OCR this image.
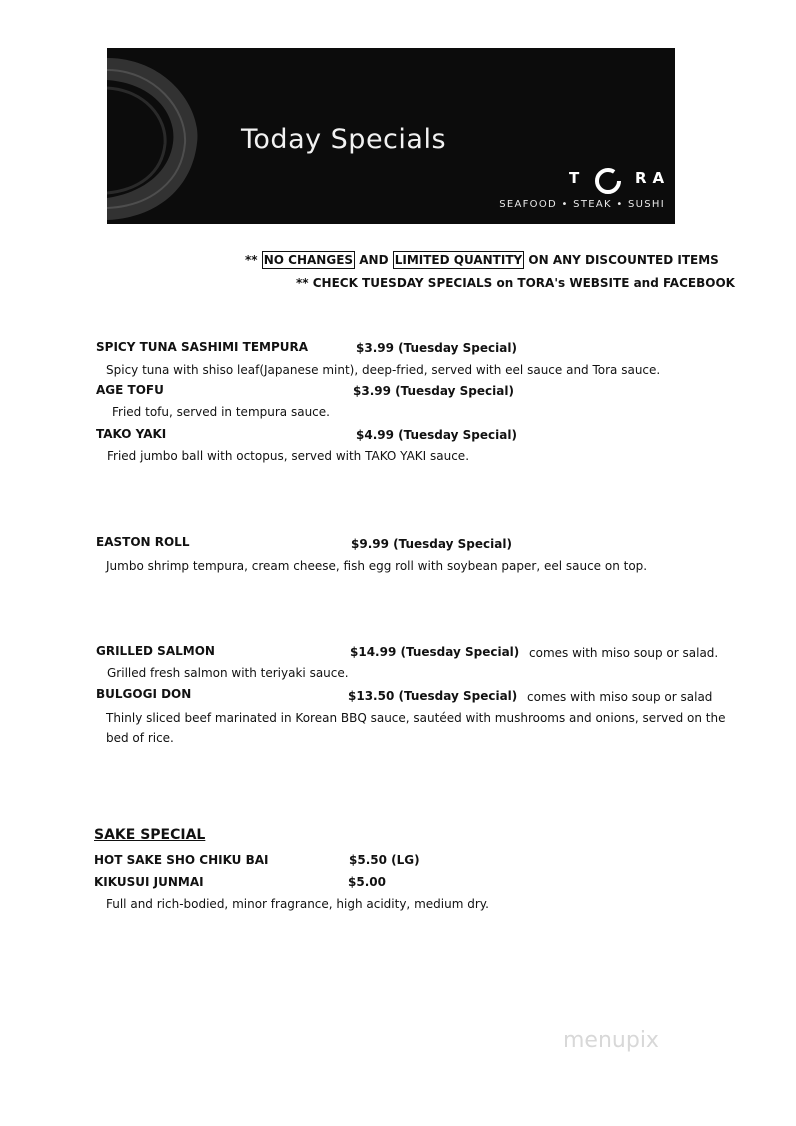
Today Specials
T	RA
SEAFOOD • STEAK • SUSHI
** NO CHANGES AND LIMITED QUANTITY ON ANY DISCOUNTED ITEMS
** CHECK TUESDAY SPECIALS on TORA's WEBSITE and FACEBOOK
SPICY TUNA SASHIMI TEMPURA	$3.99 (Tuesday Special)
Spicy tuna with shiso leaf(Japanese mint), deep-fried, served with eel sauce and Tora sauce.
AGE TOFU	$3.99 (Tuesday Special)
Fried tofu, served in tempura sauce.
TAKO YAKI	$4.99 (Tuesday Special)
Fried jumbo ball with octopus, served with TAKO YAKI sauce.
EASTON ROLL	$9.99 (Tuesday Special)
Jumbo shrimp tempura, cream cheese, fish egg roll with soybean paper, eel sauce on top.
GRILLED SALMON	$14.99 (Tuesday Special) comes with miso soup or salad.
Grilled fresh salmon with teriyaki sauce.
BULGOGI DON	$13.50 (Tuesday Special) comes with miso soup or salad
Thinly sliced beef marinated in Korean BBQ sauce, sautéed with mushrooms and onions, served on the
bed of rice.
SAKE SPECIAL
HOT SAKE SHO CHIKU BAI	$5.50 (LG)
KIKUSUI JUNMAI	$5.00
Full and rich-bodied, minor fragrance, high acidity, medium dry.
menupix
